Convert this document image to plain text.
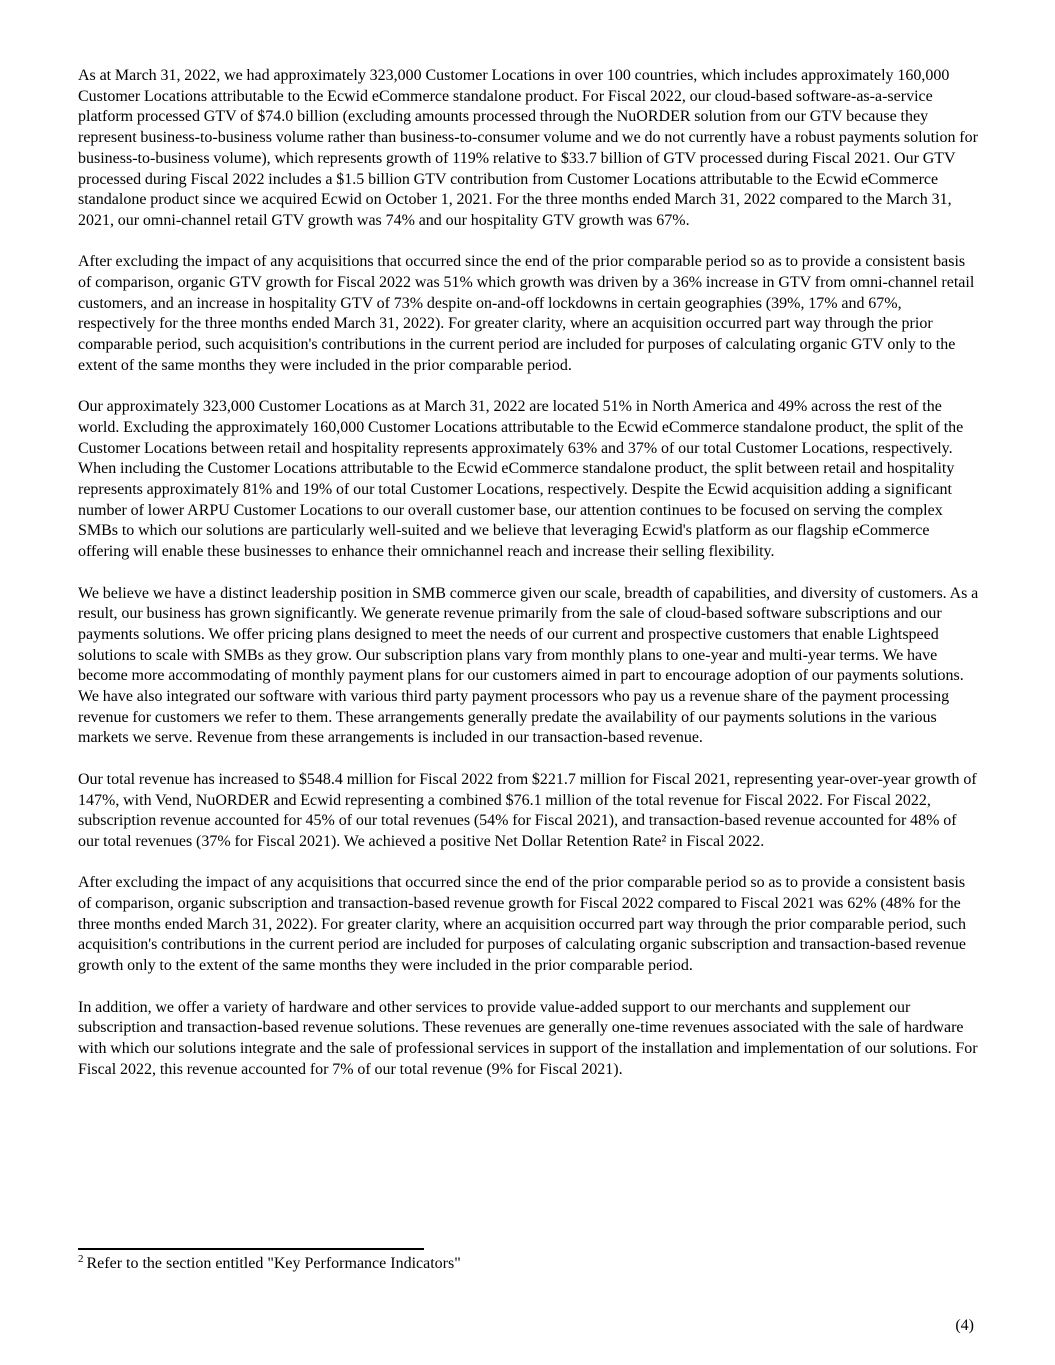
As at March 31, 2022, we had approximately 323,000 Customer Locations in over 100 countries, which includes approximately 160,000 Customer Locations attributable to the Ecwid eCommerce standalone product. For Fiscal 2022, our cloud-based software-as-a-service platform processed GTV of $74.0 billion (excluding amounts processed through the NuORDER solution from our GTV because they represent business-to-business volume rather than business-to-consumer volume and we do not currently have a robust payments solution for business-to-business volume), which represents growth of 119% relative to $33.7 billion of GTV processed during Fiscal 2021. Our GTV processed during Fiscal 2022 includes a $1.5 billion GTV contribution from Customer Locations attributable to the Ecwid eCommerce standalone product since we acquired Ecwid on October 1, 2021. For the three months ended March 31, 2022 compared to the March 31, 2021, our omni-channel retail GTV growth was 74% and our hospitality GTV growth was 67%.

After excluding the impact of any acquisitions that occurred since the end of the prior comparable period so as to provide a consistent basis of comparison, organic GTV growth for Fiscal 2022 was 51% which growth was driven by a 36% increase in GTV from omni-channel retail customers, and an increase in hospitality GTV of 73% despite on-and-off lockdowns in certain geographies (39%, 17% and 67%, respectively for the three months ended March 31, 2022). For greater clarity, where an acquisition occurred part way through the prior comparable period, such acquisition's contributions in the current period are included for purposes of calculating organic GTV only to the extent of the same months they were included in the prior comparable period.

Our approximately 323,000 Customer Locations as at March 31, 2022 are located 51% in North America and 49% across the rest of the world. Excluding the approximately 160,000 Customer Locations attributable to the Ecwid eCommerce standalone product, the split of the Customer Locations between retail and hospitality represents approximately 63% and 37% of our total Customer Locations, respectively. When including the Customer Locations attributable to the Ecwid eCommerce standalone product, the split between retail and hospitality represents approximately 81% and 19% of our total Customer Locations, respectively. Despite the Ecwid acquisition adding a significant number of lower ARPU Customer Locations to our overall customer base, our attention continues to be focused on serving the complex SMBs to which our solutions are particularly well-suited and we believe that leveraging Ecwid's platform as our flagship eCommerce offering will enable these businesses to enhance their omnichannel reach and increase their selling flexibility.

We believe we have a distinct leadership position in SMB commerce given our scale, breadth of capabilities, and diversity of customers. As a result, our business has grown significantly. We generate revenue primarily from the sale of cloud-based software subscriptions and our payments solutions. We offer pricing plans designed to meet the needs of our current and prospective customers that enable Lightspeed solutions to scale with SMBs as they grow. Our subscription plans vary from monthly plans to one-year and multi-year terms. We have become more accommodating of monthly payment plans for our customers aimed in part to encourage adoption of our payments solutions. We have also integrated our software with various third party payment processors who pay us a revenue share of the payment processing revenue for customers we refer to them. These arrangements generally predate the availability of our payments solutions in the various markets we serve. Revenue from these arrangements is included in our transaction-based revenue.

Our total revenue has increased to $548.4 million for Fiscal 2022 from $221.7 million for Fiscal 2021, representing year-over-year growth of 147%, with Vend, NuORDER and Ecwid representing a combined $76.1 million of the total revenue for Fiscal 2022. For Fiscal 2022, subscription revenue accounted for 45% of our total revenues (54% for Fiscal 2021), and transaction-based revenue accounted for 48% of our total revenues (37% for Fiscal 2021). We achieved a positive Net Dollar Retention Rate² in Fiscal 2022.

After excluding the impact of any acquisitions that occurred since the end of the prior comparable period so as to provide a consistent basis of comparison, organic subscription and transaction-based revenue growth for Fiscal 2022 compared to Fiscal 2021 was 62% (48% for the three months ended March 31, 2022). For greater clarity, where an acquisition occurred part way through the prior comparable period, such acquisition's contributions in the current period are included for purposes of calculating organic subscription and transaction-based revenue growth only to the extent of the same months they were included in the prior comparable period.

In addition, we offer a variety of hardware and other services to provide value-added support to our merchants and supplement our subscription and transaction-based revenue solutions. These revenues are generally one-time revenues associated with the sale of hardware with which our solutions integrate and the sale of professional services in support of the installation and implementation of our solutions. For Fiscal 2022, this revenue accounted for 7% of our total revenue (9% for Fiscal 2021).

$^2$ Refer to the section entitled "Key Performance Indicators"
(4)
